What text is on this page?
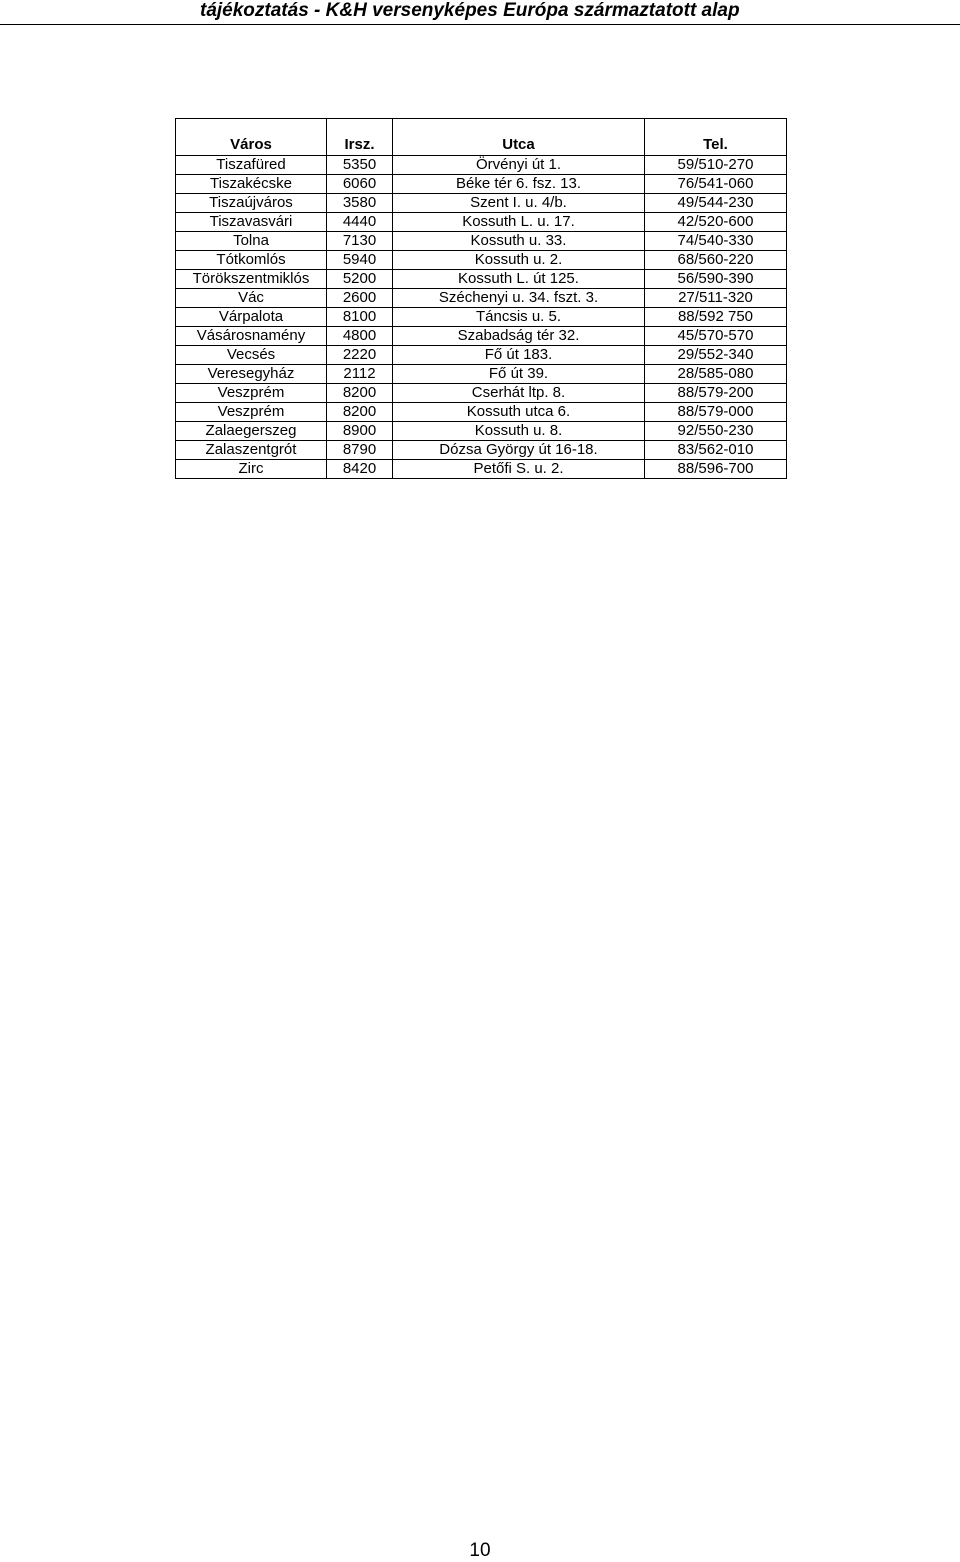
tájékoztatás - K&H versenyképes Európa származtatott alap
Város	Irsz.	Utca	Tel.
Tiszafüred	5350	Örvényi út 1.	59/510-270
Tiszakécske	6060	Béke tér 6. fsz. 13.	76/541-060
Tiszaújváros	3580	Szent I. u. 4/b.	49/544-230
Tiszavasvári	4440	Kossuth L. u. 17.	42/520-600
Tolna	7130	Kossuth u. 33.	74/540-330
Tótkomlós	5940	Kossuth u. 2.	68/560-220
Törökszentmiklós	5200	Kossuth L. út 125.	56/590-390
Vác	2600	Széchenyi u. 34. fszt. 3.	27/511-320
Várpalota	8100	Táncsis u. 5.	88/592 750
Vásárosnamény	4800	Szabadság tér 32.	45/570-570
Vecsés	2220	Fő út 183.	29/552-340
Veresegyház	2112	Fő út 39.	28/585-080
Veszprém	8200	Cserhát ltp. 8.	88/579-200
Veszprém	8200	Kossuth utca 6.	88/579-000
Zalaegerszeg	8900	Kossuth u. 8.	92/550-230
Zalaszentgrót	8790	Dózsa György út 16-18.	83/562-010
Zirc	8420	Petőfi S. u. 2.	88/596-700
10
